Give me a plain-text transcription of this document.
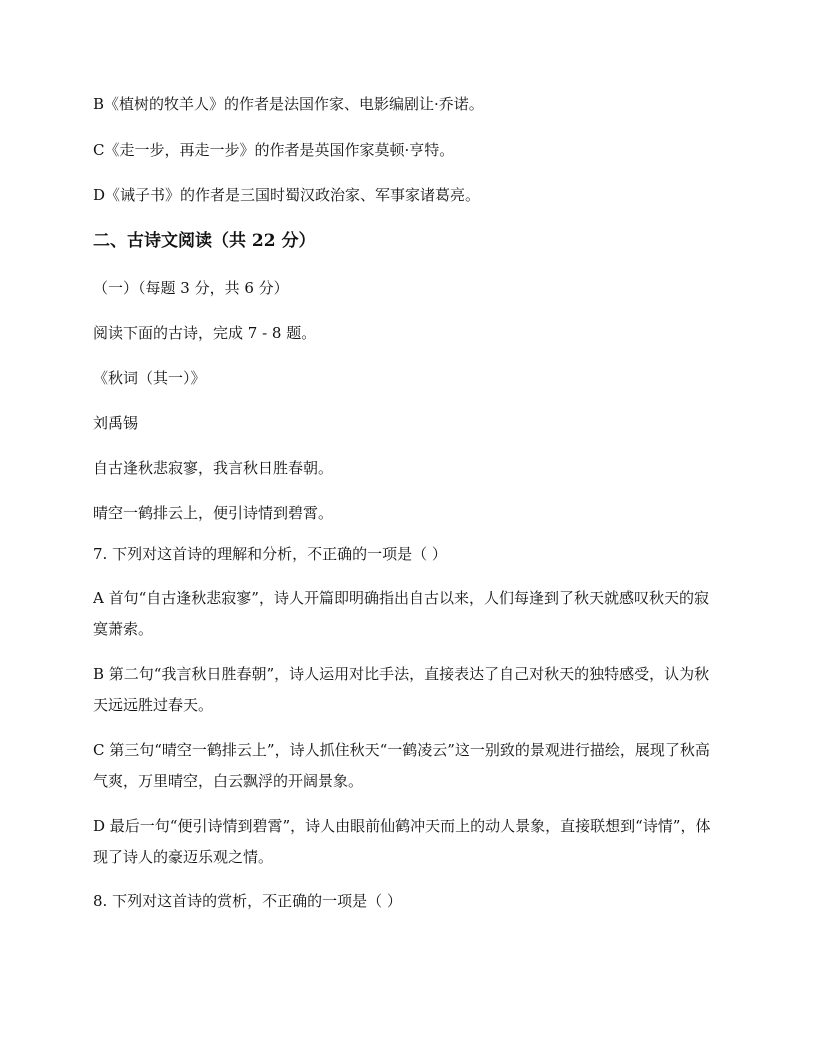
B《植树的牧羊人》的作者是法国作家、电影编剧让·乔诺。
C《走一步，再走一步》的作者是英国作家莫顿·亨特。
D《诫子书》的作者是三国时蜀汉政治家、军事家诸葛亮。
二、古诗文阅读（共 22 分）
（一）（每题 3 分，共 6 分）
阅读下面的古诗，完成 7 - 8 题。
《秋词（其一）》
刘禹锡
自古逢秋悲寂寥，我言秋日胜春朝。
晴空一鹤排云上，便引诗情到碧霄。
7. 下列对这首诗的理解和分析，不正确的一项是（ ）
A 首句“自古逢秋悲寂寥”，诗人开篇即明确指出自古以来，人们每逢到了秋天就感叹秋天的寂寞萧索。
B 第二句“我言秋日胜春朝”，诗人运用对比手法，直接表达了自己对秋天的独特感受，认为秋天远远胜过春天。
C 第三句“晴空一鹤排云上”，诗人抓住秋天“一鹤凌云”这一别致的景观进行描绘，展现了秋高气爽，万里晴空，白云飘浮的开阔景象。
D 最后一句“便引诗情到碧霄”，诗人由眼前仙鹤冲天而上的动人景象，直接联想到“诗情”，体现了诗人的豪迈乐观之情。
8. 下列对这首诗的赏析，不正确的一项是（ ）
